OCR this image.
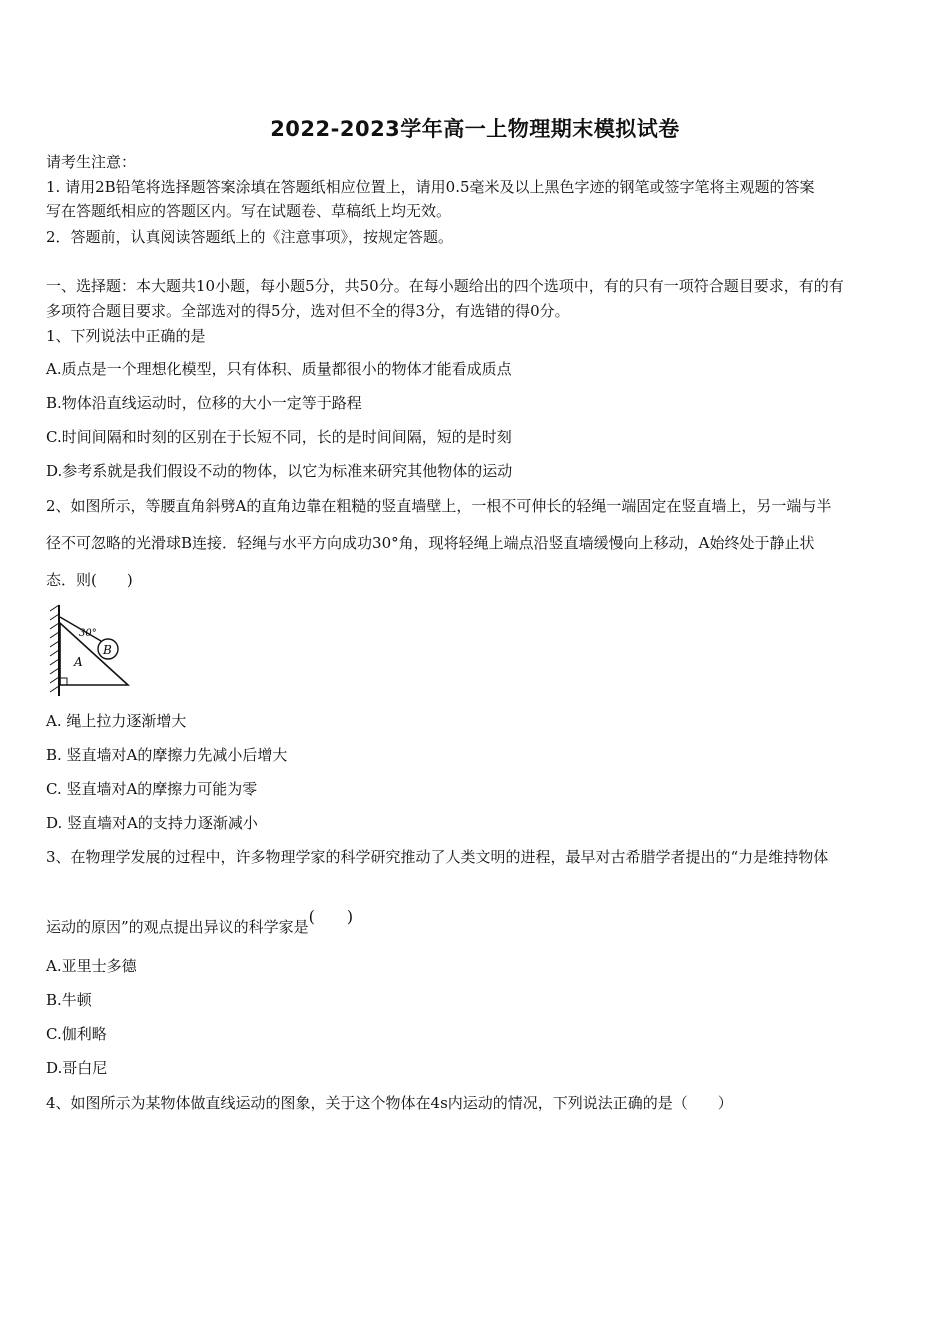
2022-2023学年高一上物理期末模拟试卷
请考生注意：
1. 请用2B铅笔将选择题答案涂填在答题纸相应位置上，请用0.5毫米及以上黑色字迹的钢笔或签字笔将主观题的答案
写在答题纸相应的答题区内。写在试题卷、草稿纸上均无效。
2．答题前，认真阅读答题纸上的《注意事项》，按规定答题。
一、选择题：本大题共10小题，每小题5分，共50分。在每小题给出的四个选项中，有的只有一项符合题目要求，有的有
多项符合题目要求。全部选对的得5分，选对但不全的得3分，有选错的得0分。
1、下列说法中正确的是
A.质点是一个理想化模型，只有体积、质量都很小的物体才能看成质点
B.物体沿直线运动时，位移的大小一定等于路程
C.时间间隔和时刻的区别在于长短不同，长的是时间间隔，短的是时刻
D.参考系就是我们假设不动的物体，以它为标准来研究其他物体的运动
2、如图所示，等腰直角斜劈A的直角边靠在粗糙的竖直墙壁上，一根不可伸长的轻绳一端固定在竖直墙上，另一端与半
径不可忽略的光滑球B连接．轻绳与水平方向成功30°角，现将轻绳上端点沿竖直墙缓慢向上移动，A始终处于静止状
态．则(　　)
B
30°
A
A. 绳上拉力逐渐增大
B. 竖直墙对A的摩擦力先减小后增大
C. 竖直墙对A的摩擦力可能为零
D. 竖直墙对A的支持力逐渐减小
3、在物理学发展的过程中，许多物理学家的科学研究推动了人类文明的进程，最早对古希腊学者提出的“力是维持物体
运动的原因”的观点提出异议的科学家是(　　)
A.亚里士多德
B.牛顿
C.伽利略
D.哥白尼
4、如图所示为某物体做直线运动的图象，关于这个物体在4s内运动的情况，下列说法正确的是（　　）
